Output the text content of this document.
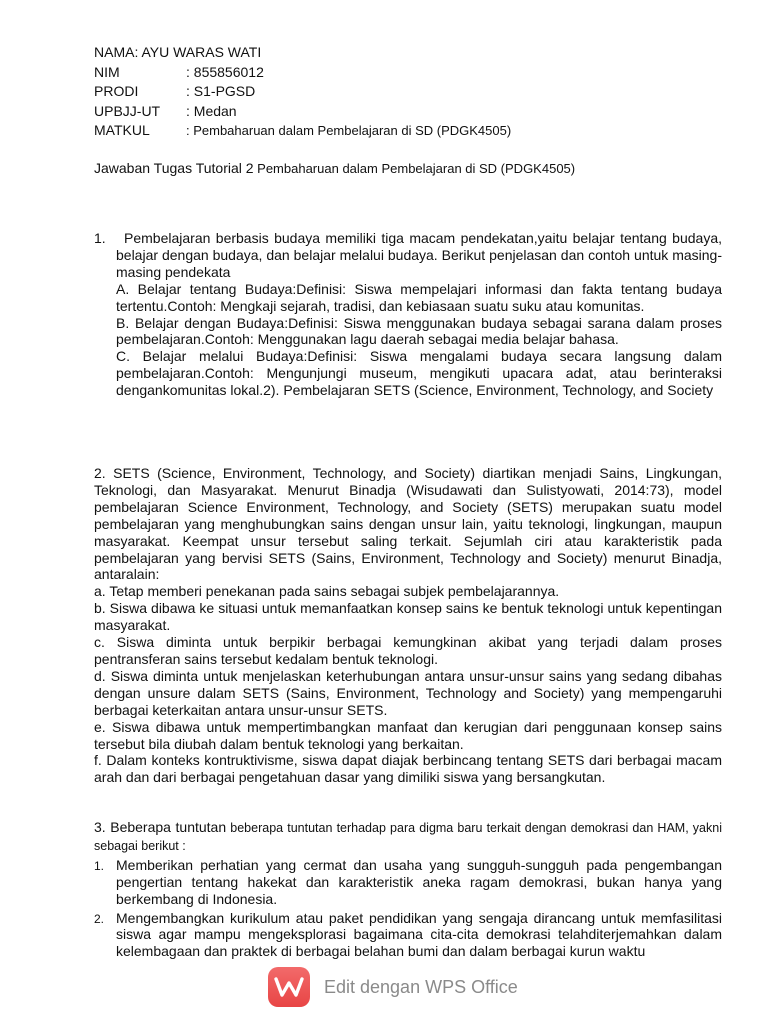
NAMA : AYU WARAS WATI
NIM	: 855856012
PRODI	: S1-PGSD
UPBJJ-UT	: Medan
MATKUL	: Pembaharuan dalam Pembelajaran di SD (PDGK4505)
Jawaban Tugas Tutorial 2 Pembaharuan dalam Pembelajaran di SD (PDGK4505)
1.	Pembelajaran berbasis budaya memiliki tiga macam pendekatan,yaitu belajar tentang budaya, belajar dengan budaya, dan belajar melalui budaya. Berikut penjelasan dan contoh untuk masing-masing pendekata

A. Belajar tentang Budaya:Definisi: Siswa mempelajari informasi dan fakta tentang budaya tertentu.Contoh: Mengkaji sejarah, tradisi, dan kebiasaan suatu suku atau komunitas.

B. Belajar dengan Budaya:Definisi: Siswa menggunakan budaya sebagai sarana dalam proses pembelajaran.Contoh: Menggunakan lagu daerah sebagai media belajar bahasa.

C. Belajar melalui Budaya:Definisi: Siswa mengalami budaya secara langsung dalam pembelajaran.Contoh: Mengunjungi museum, mengikuti upacara adat, atau berinteraksi dengankomunitas lokal.2). Pembelajaran SETS (Science, Environment, Technology, and Society

2. SETS (Science, Environment, Technology, and Society) diartikan menjadi Sains, Lingkungan, Teknologi, dan Masyarakat. Menurut Binadja (Wisudawati dan Sulistyowati, 2014:73), model pembelajaran Science Environment, Technology, and Society (SETS) merupakan suatu model pembelajaran yang menghubungkan sains dengan unsur lain, yaitu teknologi, lingkungan, maupun masyarakat. Keempat unsur tersebut saling terkait. Sejumlah ciri atau karakteristik pada pembelajaran yang bervisi SETS (Sains, Environment, Technology and Society) menurut Binadja, antaralain:

a. Tetap memberi penekanan pada sains sebagai subjek pembelajarannya.

b. Siswa dibawa ke situasi untuk memanfaatkan konsep sains ke bentuk teknologi untuk kepentingan masyarakat.

c. Siswa diminta untuk berpikir berbagai kemungkinan akibat yang terjadi dalam proses pentransferan sains tersebut kedalam bentuk teknologi.

d. Siswa diminta untuk menjelaskan keterhubungan antara unsur-unsur sains yang sedang dibahas dengan unsure dalam SETS (Sains, Environment, Technology and Society) yang mempengaruhi berbagai keterkaitan antara unsur-unsur SETS.

e. Siswa dibawa untuk mempertimbangkan manfaat dan kerugian dari penggunaan konsep sains tersebut bila diubah dalam bentuk teknologi yang berkaitan.

f. Dalam konteks kontruktivisme, siswa dapat diajak berbincang tentang SETS dari berbagai macam arah dan dari berbagai pengetahuan dasar yang dimiliki siswa yang bersangkutan.

3. Beberapa tuntutan beberapa tuntutan terhadap para digma baru terkait dengan demokrasi dan HAM, yakni sebagai berikut :

1. Memberikan perhatian yang cermat dan usaha yang sungguh-sungguh pada pengembangan pengertian tentang hakekat dan karakteristik aneka ragam demokrasi, bukan hanya yang berkembang di Indonesia.
2. Mengembangkan kurikulum atau paket pendidikan yang sengaja dirancang untuk memfasilitasi siswa agar mampu mengeksplorasi bagaimana cita-cita demokrasi telahditerjemahkan dalam kelembagaan dan praktek di berbagai belahan bumi dan dalam berbagai kurun waktu
Edit dengan WPS Office
